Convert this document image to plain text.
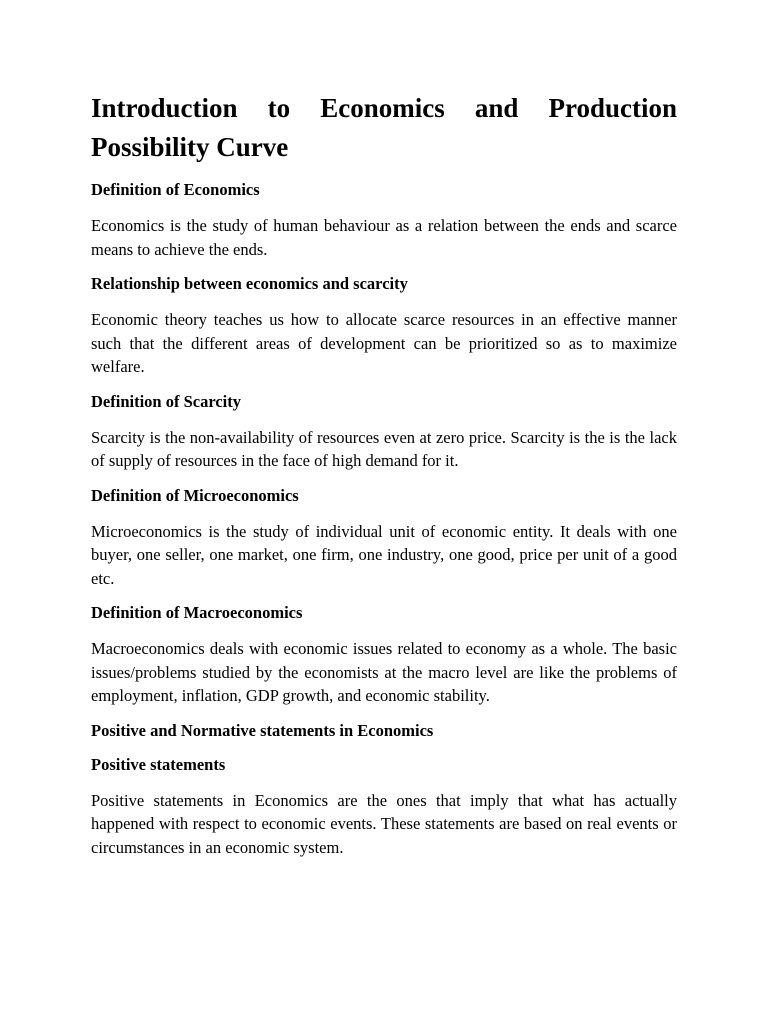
Introduction to Economics and Production
Possibility Curve
Definition of Economics

Economics is the study of human behaviour as a relation between the ends and scarce means to achieve the ends.

Relationship between economics and scarcity

Economic theory teaches us how to allocate scarce resources in an effective manner such that the different areas of development can be prioritized so as to maximize welfare.

Definition of Scarcity

Scarcity is the non-availability of resources even at zero price. Scarcity is the is the lack of supply of resources in the face of high demand for it.

Definition of Microeconomics

Microeconomics is the study of individual unit of economic entity. It deals with one buyer, one seller, one market, one firm, one industry, one good, price per unit of a good etc.

Definition of Macroeconomics

Macroeconomics deals with economic issues related to economy as a whole. The basic issues/problems studied by the economists at the macro level are like the problems of employment, inflation, GDP growth, and economic stability.

Positive and Normative statements in Economics
Positive statements

Positive statements in Economics are the ones that imply that what has actually happened with respect to economic events. These statements are based on real events or circumstances in an economic system.
